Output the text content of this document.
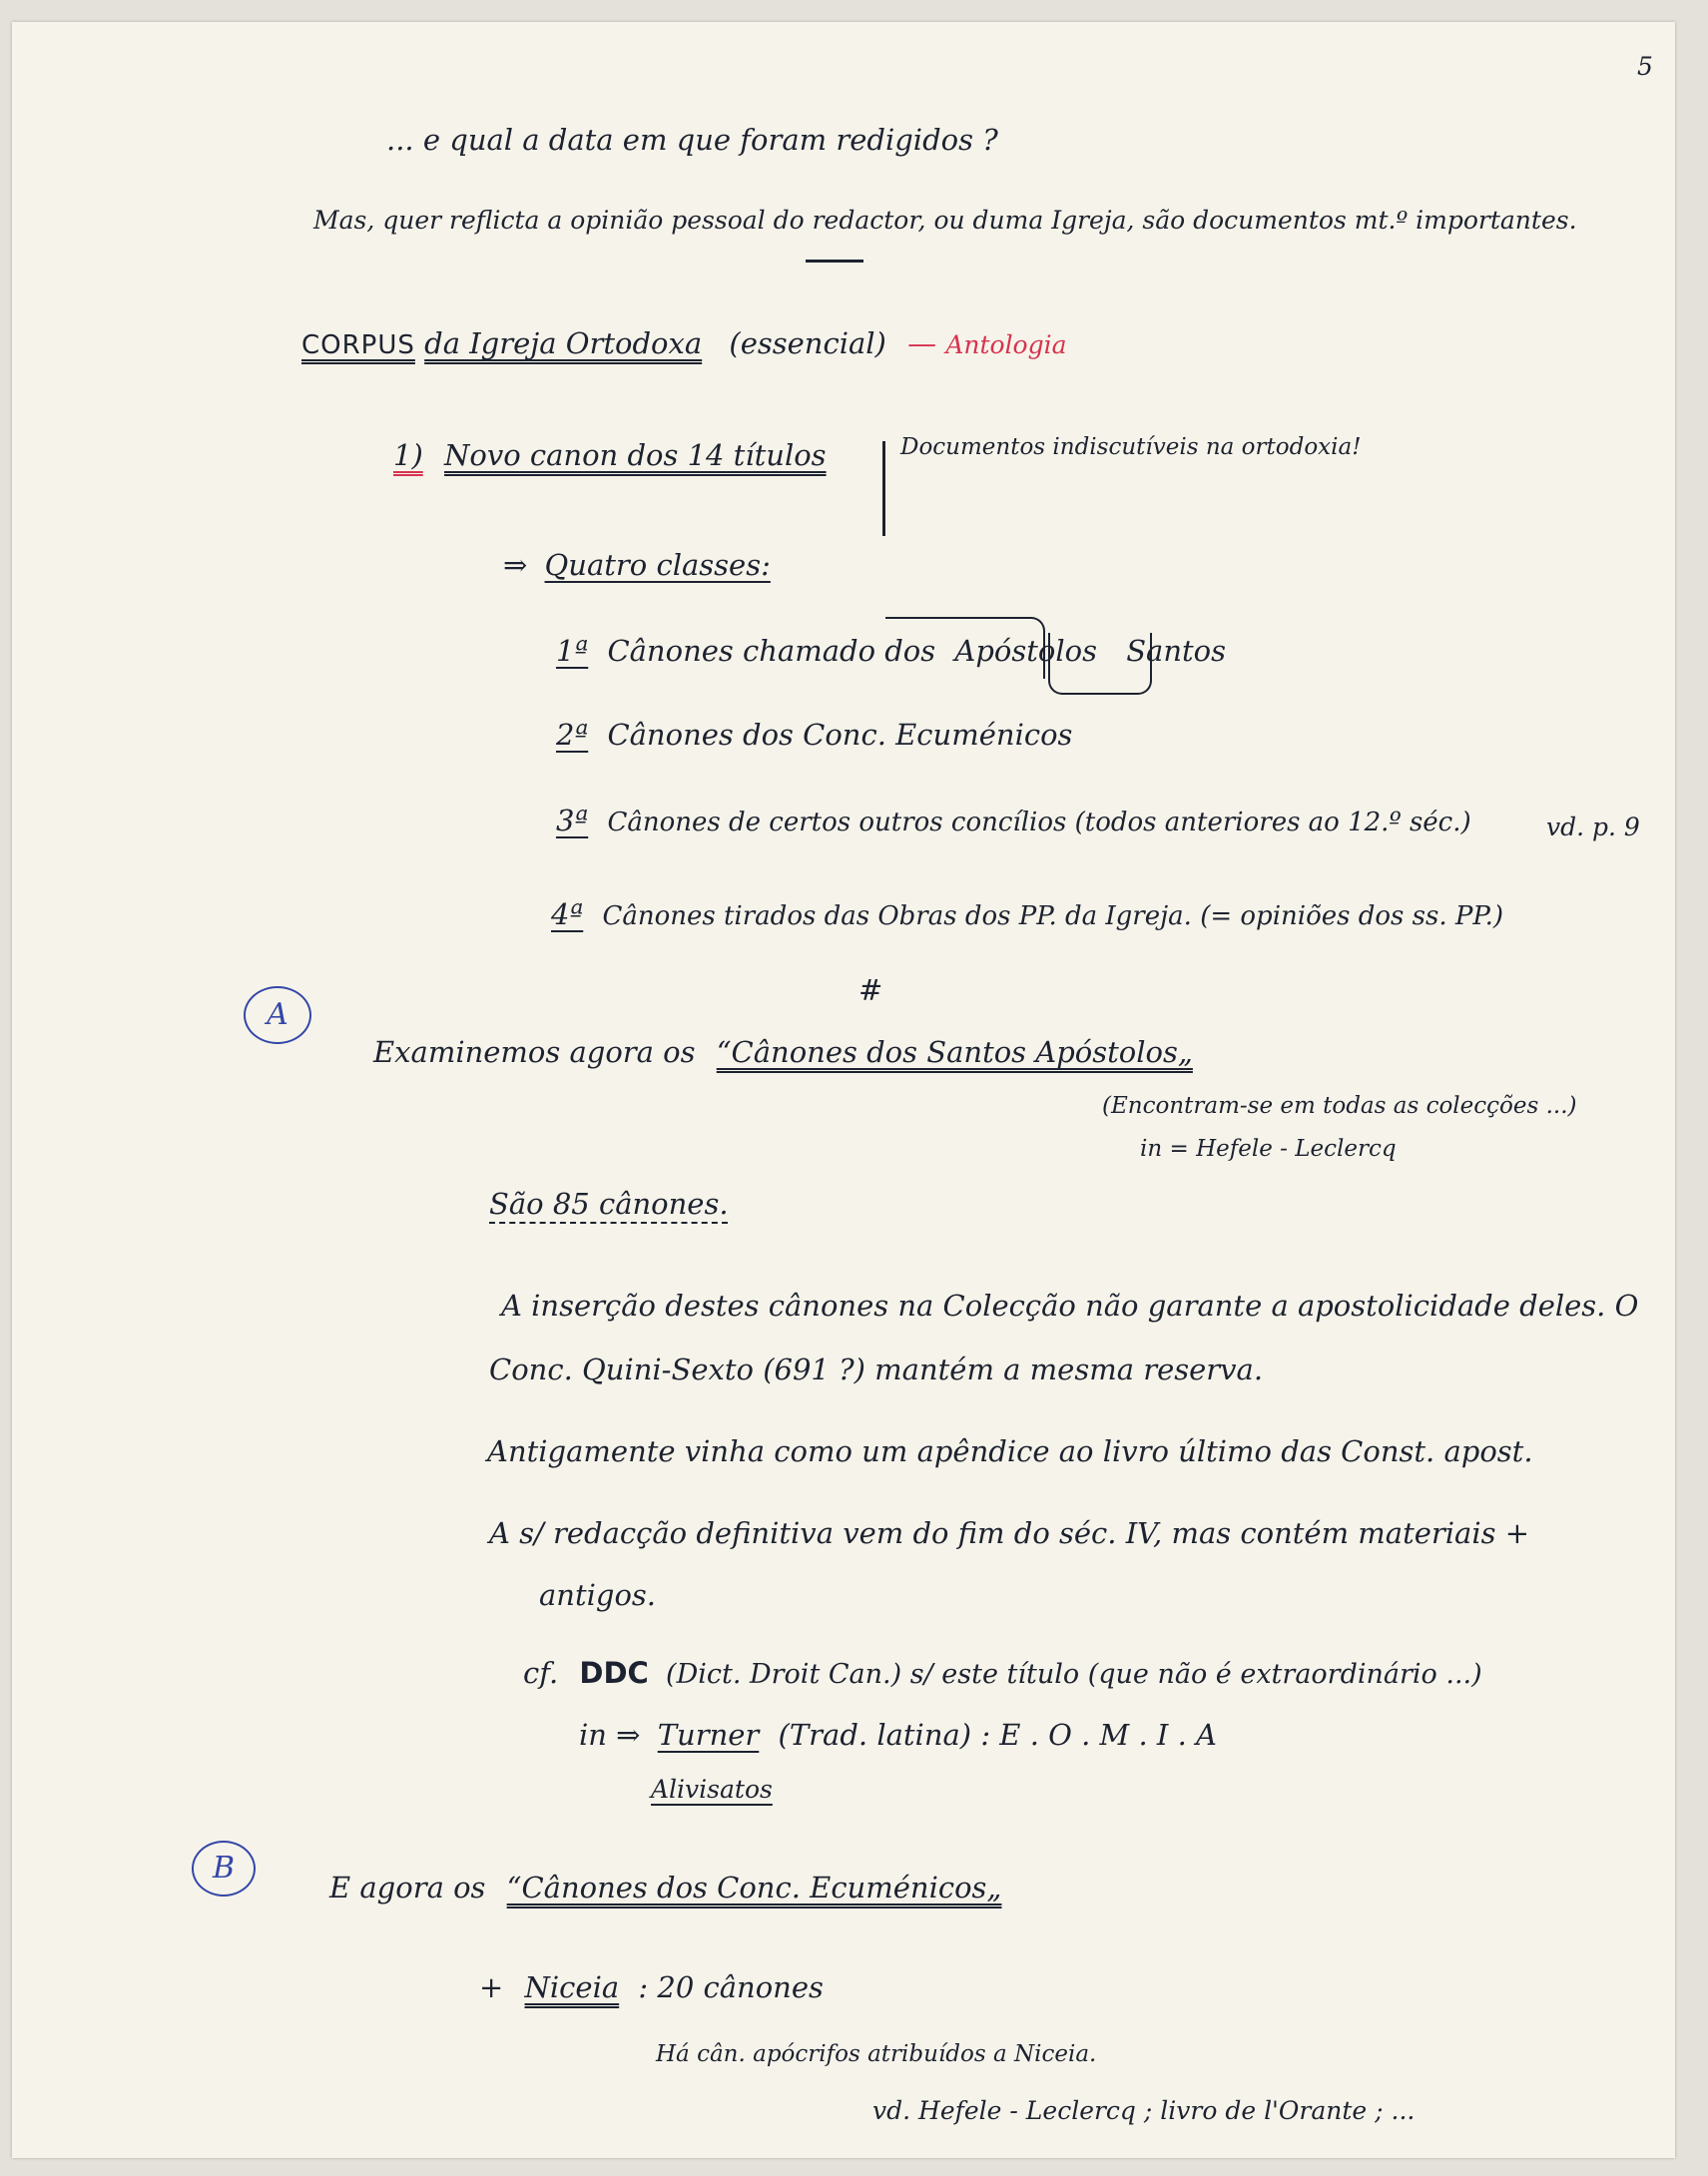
5
... e qual a data em que foram redigidos ?
Mas, quer reflicta a opinião pessoal do redactor, ou duma Igreja, são documentos mt.º importantes.
CORPUS da Igreja Ortodoxa (essencial) — Antologia
1) Novo canon dos 14 títulos	Documentos indiscutíveis na ortodoxia!
⇒ Quatro classes:
1ª Cânones chamado dos Apóstolos Santos
2ª Cânones dos Conc. Ecuménicos
3ª Cânones de certos outros concílios (todos anteriores ao 12.º séc.)	vd. p. 9
4ª Cânones tirados das Obras dos PP. da Igreja. (= opiniões dos ss. PP.)
#
A
Examinemos agora os “Cânones dos Santos Apóstolos„
(Encontram-se em todas as colecções ...)
in = Hefele - Leclercq
São 85 cânones.
A inserção destes cânones na Colecção não garante a apostolicidade deles. O
Conc. Quini-Sexto (691 ?) mantém a mesma reserva.
Antigamente vinha como um apêndice ao livro último das Const. apost.
A s/ redacção definitiva vem do fim do séc. IV, mas contém materiais +
antigos.
cf. DDC (Dict. Droit Can.) s/ este título (que não é extraordinário ...)
in ⇒ Turner (Trad. latina) : E . O . M . I . A
Alivisatos
B
E agora os “Cânones dos Conc. Ecuménicos„
+ Niceia : 20 cânones
Há cân. apócrifos atribuídos a Niceia.
vd. Hefele - Leclercq ; livro de l'Orante ; ...
